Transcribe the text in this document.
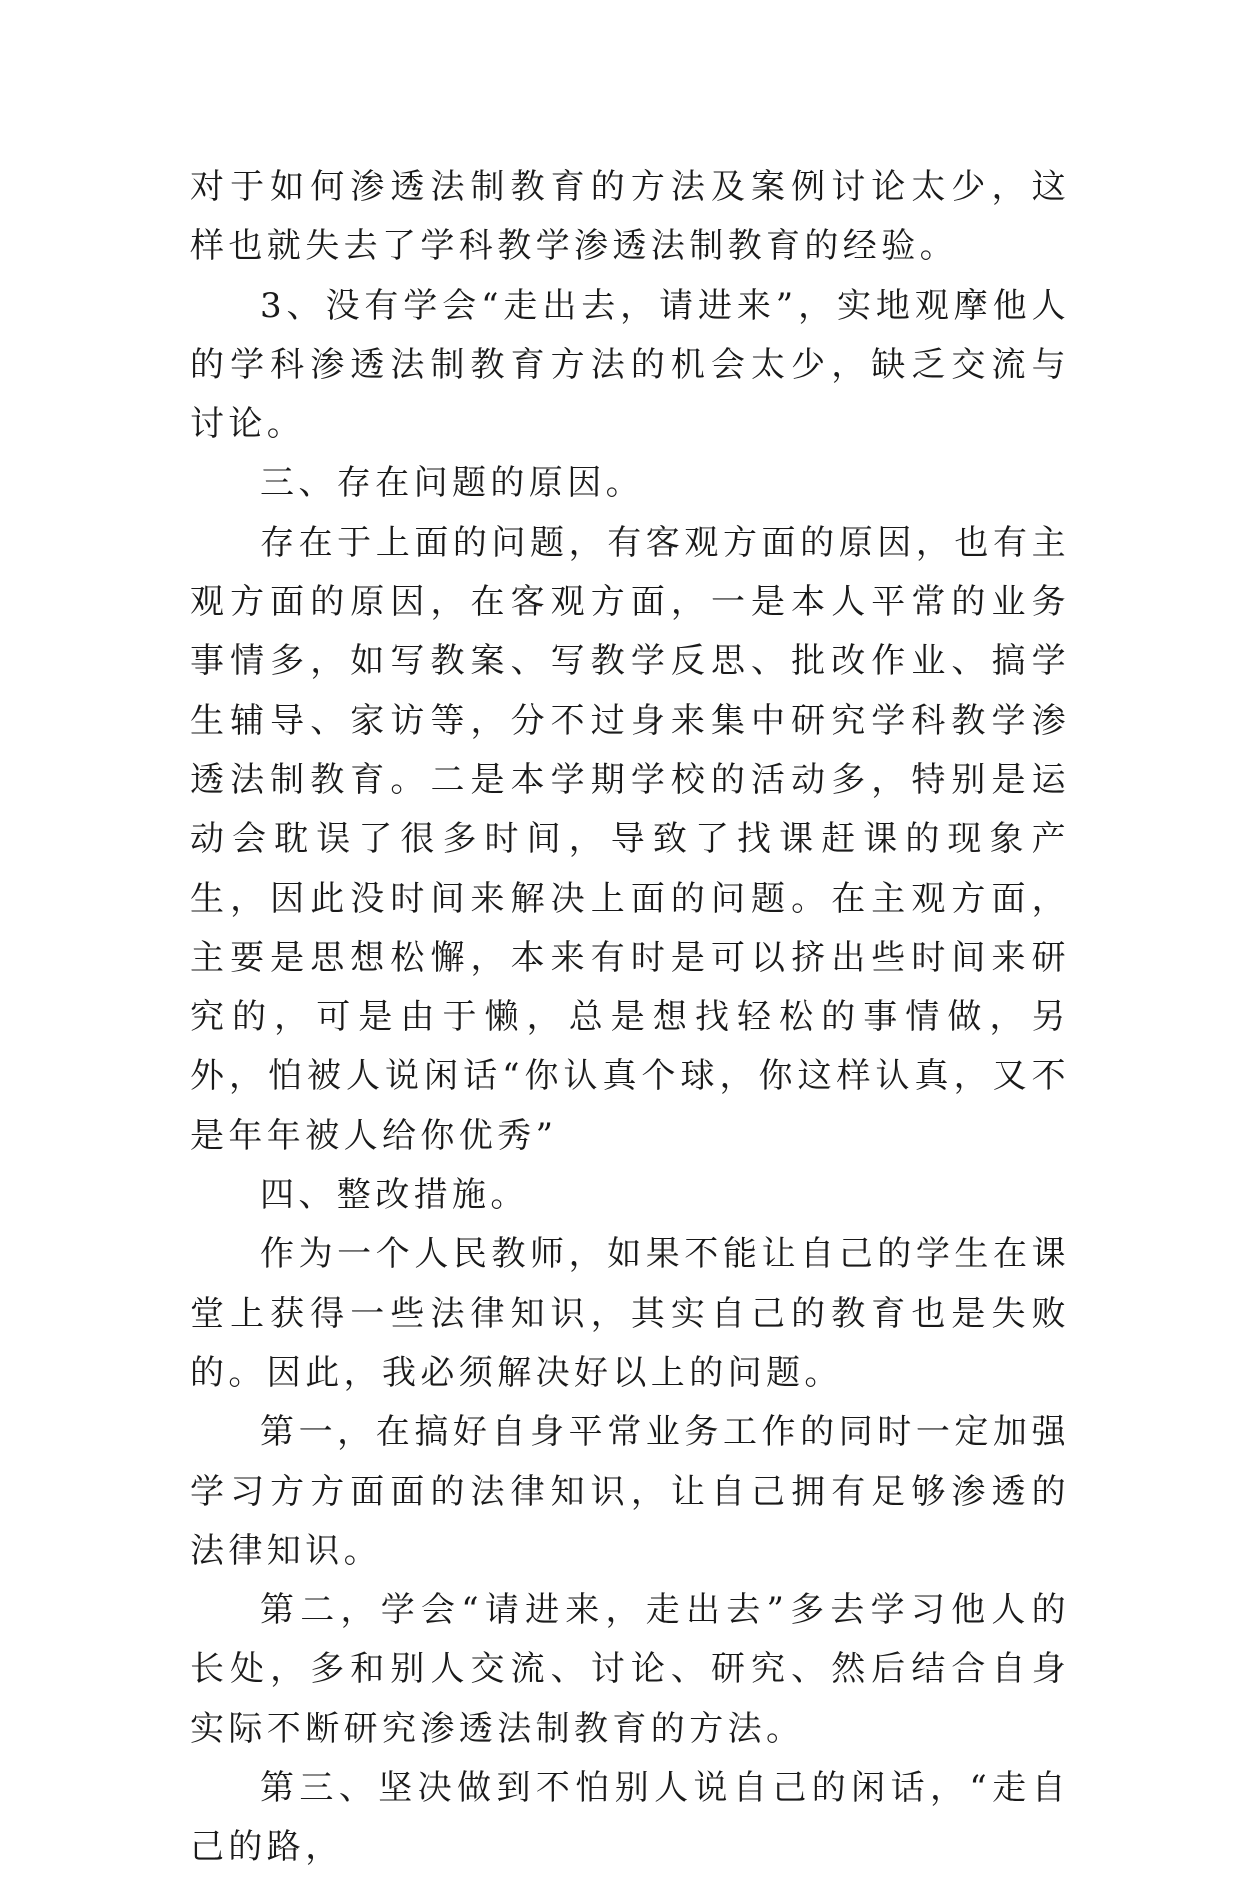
对于如何渗透法制教育的方法及案例讨论太少，这样也就失去了学科教学渗透法制教育的经验。

3、没有学会“走出去，请进来”，实地观摩他人的学科渗透法制教育方法的机会太少，缺乏交流与讨论。

三、存在问题的原因。

存在于上面的问题，有客观方面的原因，也有主观方面的原因，在客观方面，一是本人平常的业务事情多，如写教案、写教学反思、批改作业、搞学生辅导、家访等，分不过身来集中研究学科教学渗透法制教育。二是本学期学校的活动多，特别是运动会耽误了很多时间，导致了找课赶课的现象产生，因此没时间来解决上面的问题。在主观方面，主要是思想松懈，本来有时是可以挤出些时间来研究的，可是由于懒，总是想找轻松的事情做，另外，怕被人说闲话“你认真个球，你这样认真，又不是年年被人给你优秀”

四、整改措施。

作为一个人民教师，如果不能让自己的学生在课堂上获得一些法律知识，其实自己的教育也是失败的。因此，我必须解决好以上的问题。

第一，在搞好自身平常业务工作的同时一定加强学习方方面面的法律知识，让自己拥有足够渗透的法律知识。

第二，学会“请进来，走出去”多去学习他人的长处，多和别人交流、讨论、研究、然后结合自身实际不断研究渗透法制教育的方法。

第三、坚决做到不怕别人说自己的闲话，“走自己的路，
